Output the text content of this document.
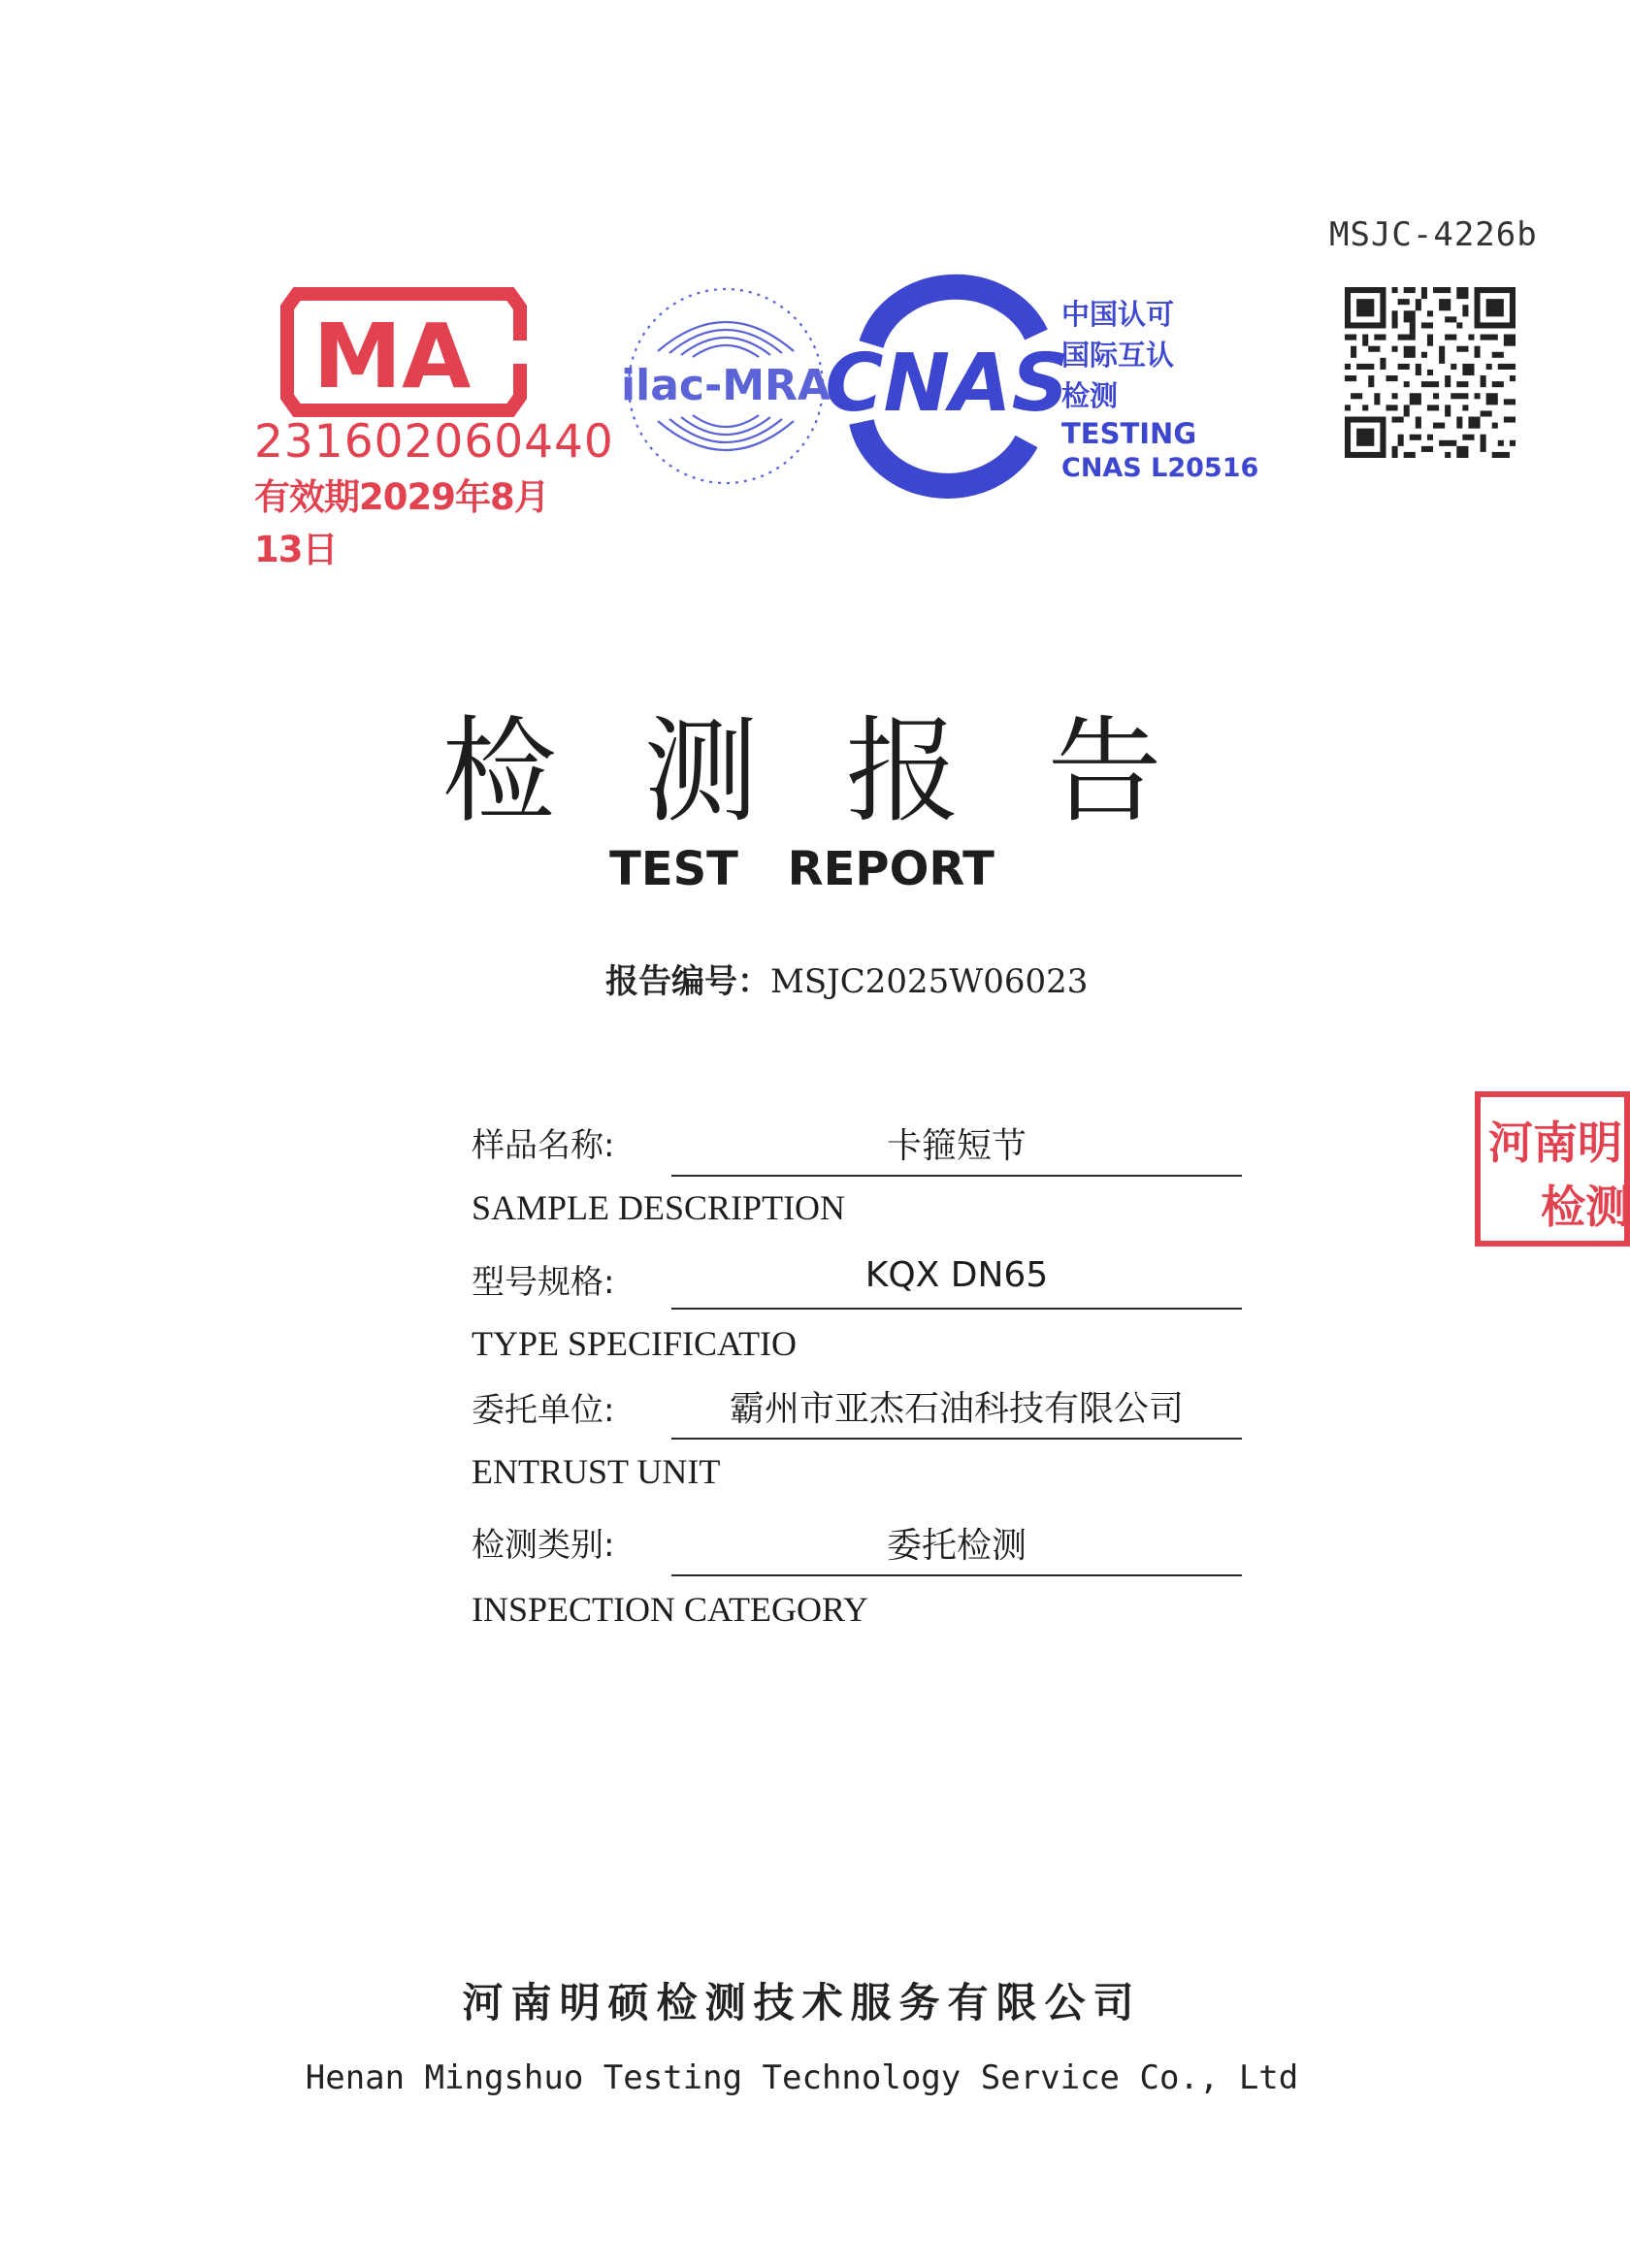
MSJC-4226b
MA
231602060440
有效期2029年8月13日
ilac-MRA
CNAS
中国认可
国际互认
检测
TESTING
CNAS L20516
检测报告
TEST REPORT
报告编号：MSJC2025W06023
样品名称:	卡箍短节
SAMPLE DESCRIPTION
型号规格:	KQX DN65
TYPE SPECIFICATIO
委托单位:	霸州市亚杰石油科技有限公司
ENTRUST UNIT
检测类别:	委托检测
INSPECTION CATEGORY
河南明
检测
河南明硕检测技术服务有限公司
Henan Mingshuo Testing Technology Service Co., Ltd
